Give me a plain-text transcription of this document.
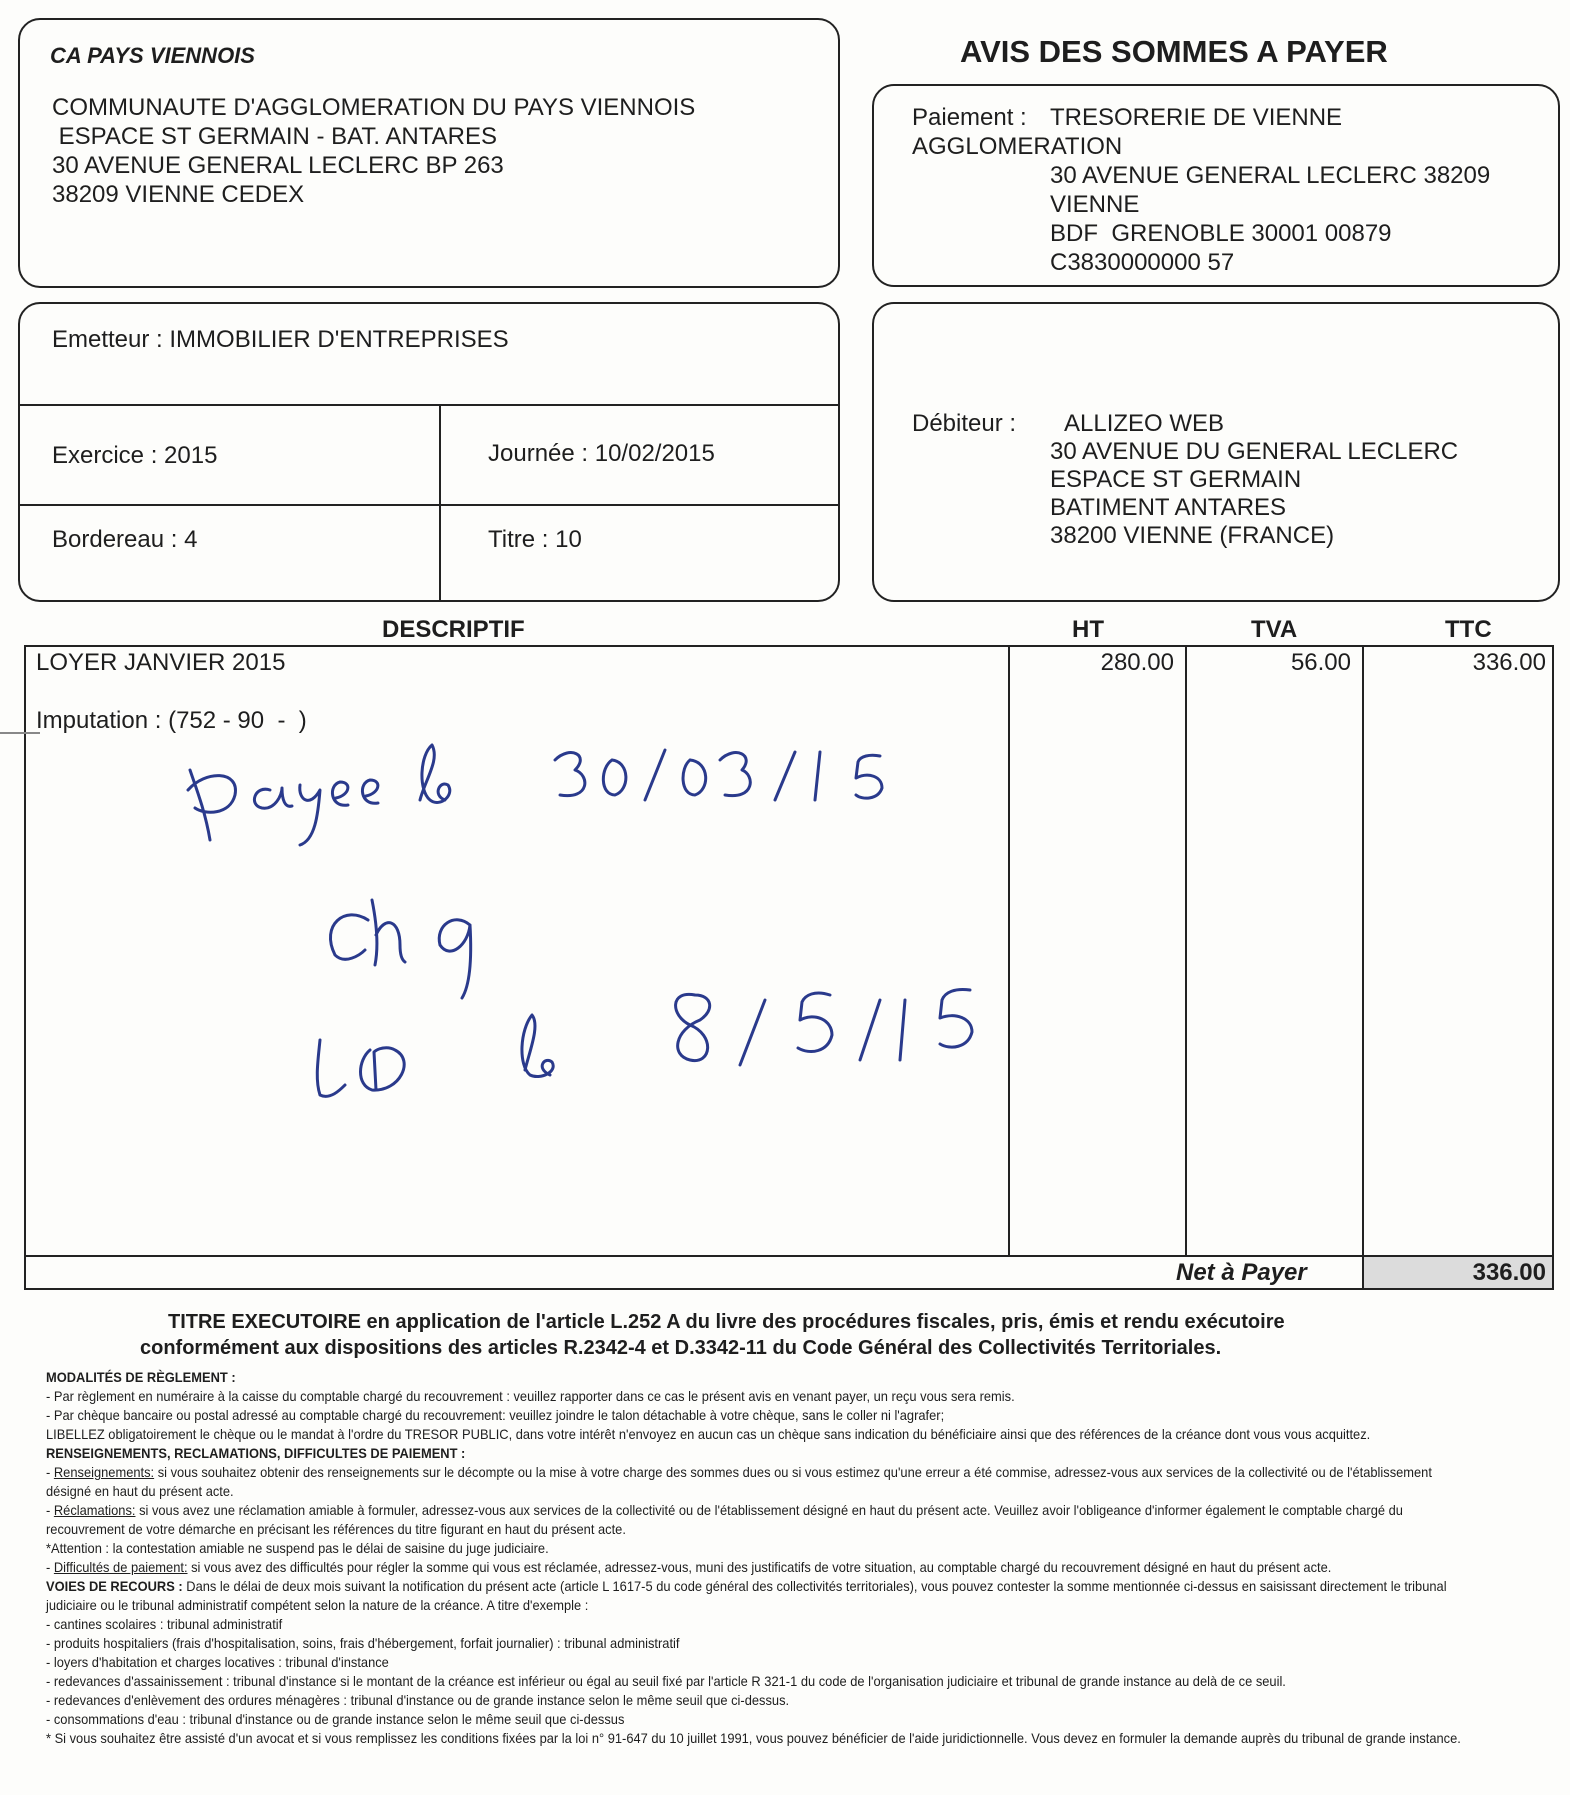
CA PAYS VIENNOIS
COMMUNAUTE D'AGGLOMERATION DU PAYS VIENNOIS
ESPACE ST GERMAIN - BAT. ANTARES
30 AVENUE GENERAL LECLERC BP 263
38209 VIENNE CEDEX
AVIS DES SOMMES A PAYER
Paiement : TRESORERIE DE VIENNE
AGGLOMERATION
30 AVENUE GENERAL LECLERC 38209
VIENNE
BDF  GRENOBLE 30001 00879
C3830000000 57
Emetteur : IMMOBILIER D'ENTREPRISES
Exercice : 2015	Journée : 10/02/2015
Bordereau : 4	Titre : 10
Débiteur : ALLIZEO WEB
30 AVENUE DU GENERAL LECLERC
ESPACE ST GERMAIN
BATIMENT ANTARES
38200 VIENNE (FRANCE)
DESCRIPTIF	HT	TVA	TTC
LOYER JANVIER 2015	280.00	56.00	336.00
Imputation : (752 - 90  -  )
Net à Payer	336.00
TITRE EXECUTOIRE en application de l'article L.252 A du livre des procédures fiscales, pris, émis et rendu exécutoire
conformément aux dispositions des articles R.2342-4 et D.3342-11 du Code Général des Collectivités Territoriales.

MODALITÉS DE RÈGLEMENT :

- Par règlement en numéraire à la caisse du comptable chargé du recouvrement : veuillez rapporter dans ce cas le présent avis en venant payer, un reçu vous sera remis.

- Par chèque bancaire ou postal adressé au comptable chargé du recouvrement: veuillez joindre le talon détachable à votre chèque, sans le coller ni l'agrafer;

LIBELLEZ obligatoirement le chèque ou le mandat à l'ordre du TRESOR PUBLIC, dans votre intérêt n'envoyez en aucun cas un chèque sans indication du bénéficiaire ainsi que des références de la créance dont vous vous acquittez.

RENSEIGNEMENTS, RECLAMATIONS, DIFFICULTES DE PAIEMENT :

- Renseignements: si vous souhaitez obtenir des renseignements sur le décompte ou la mise à votre charge des sommes dues ou si vous estimez qu'une erreur a été commise, adressez-vous aux services de la collectivité ou de l'établissement

désigné en haut du présent acte.

- Réclamations: si vous avez une réclamation amiable à formuler, adressez-vous aux services de la collectivité ou de l'établissement désigné en haut du présent acte. Veuillez avoir l'obligeance d'informer également le comptable chargé du

recouvrement de votre démarche en précisant les références du titre figurant en haut du présent acte.

*Attention : la contestation amiable ne suspend pas le délai de saisine du juge judiciaire.

- Difficultés de paiement: si vous avez des difficultés pour régler la somme qui vous est réclamée, adressez-vous, muni des justificatifs de votre situation, au comptable chargé du recouvrement désigné en haut du présent acte.

VOIES DE RECOURS : Dans le délai de deux mois suivant la notification du présent acte (article L 1617-5 du code général des collectivités territoriales), vous pouvez contester la somme mentionnée ci-dessus en saisissant directement le tribunal

judiciaire ou le tribunal administratif compétent selon la nature de la créance. A titre d'exemple :

- cantines scolaires : tribunal administratif

- produits hospitaliers (frais d'hospitalisation, soins, frais d'hébergement, forfait journalier) : tribunal administratif

- loyers d'habitation et charges locatives : tribunal d'instance

- redevances d'assainissement : tribunal d'instance si le montant de la créance est inférieur ou égal au seuil fixé par l'article R 321-1 du code de l'organisation judiciaire et tribunal de grande instance au delà de ce seuil.

- redevances d'enlèvement des ordures ménagères : tribunal d'instance ou de grande instance selon le même seuil que ci-dessus.

- consommations d'eau : tribunal d'instance ou de grande instance selon le même seuil que ci-dessus

* Si vous souhaitez être assisté d'un avocat et si vous remplissez les conditions fixées par la loi n° 91-647 du 10 juillet 1991, vous pouvez bénéficier de l'aide juridictionnelle. Vous devez en formuler la demande auprès du tribunal de grande instance.
